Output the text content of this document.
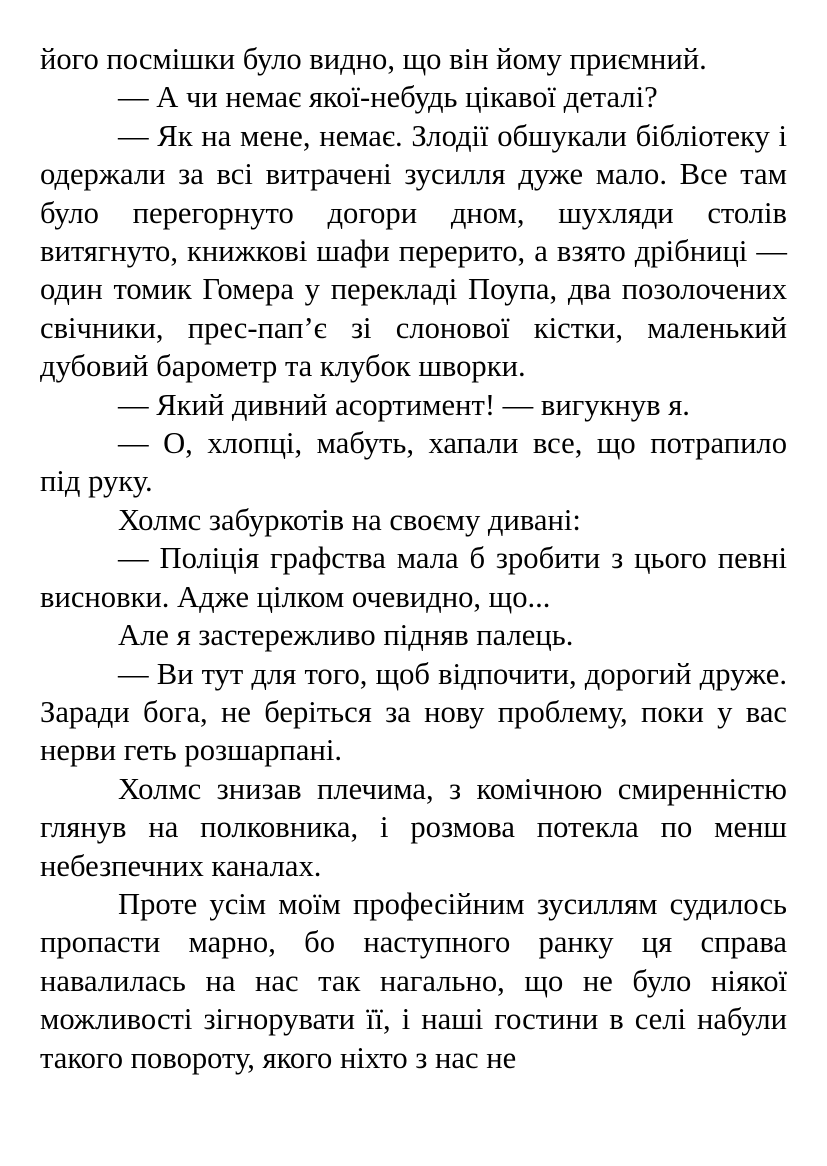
його посмішки було видно, що він йому приємний.

— А чи немає якої-небудь цікавої деталі?

— Як на мене, немає. Злодії обшукали бібліотеку і одержали за всі витрачені зусилля дуже мало. Все там було перегорнуто догори дном, шухляди столів витягнуто, книжкові шафи перерито, а взято дрібниці — один томик Гомера у перекладі Поупа, два позолочених свічники, прес-пап’є зі слонової кістки, маленький дубовий барометр та клубок шворки.

— Який дивний асортимент! — вигукнув я.

— О, хлопці, мабуть, хапали все, що потрапило під руку.

Холмс забуркотів на своєму дивані:

— Поліція графства мала б зробити з цього певні висновки. Адже цілком очевидно, що...

Але я застережливо підняв палець.

— Ви тут для того, щоб відпочити, дорогий друже. Заради бога, не беріться за нову проблему, поки у вас нерви геть розшарпані.

Холмс знизав плечима, з комічною смиренністю глянув на полковника, і розмова потекла по менш небезпечних каналах.

Проте усім моїм професійним зусиллям судилось пропасти марно, бо наступного ранку ця справа навалилась на нас так нагально, що не було ніякої можливості зігнорувати її, і наші гостини в селі набули такого повороту, якого ніхто з нас не
